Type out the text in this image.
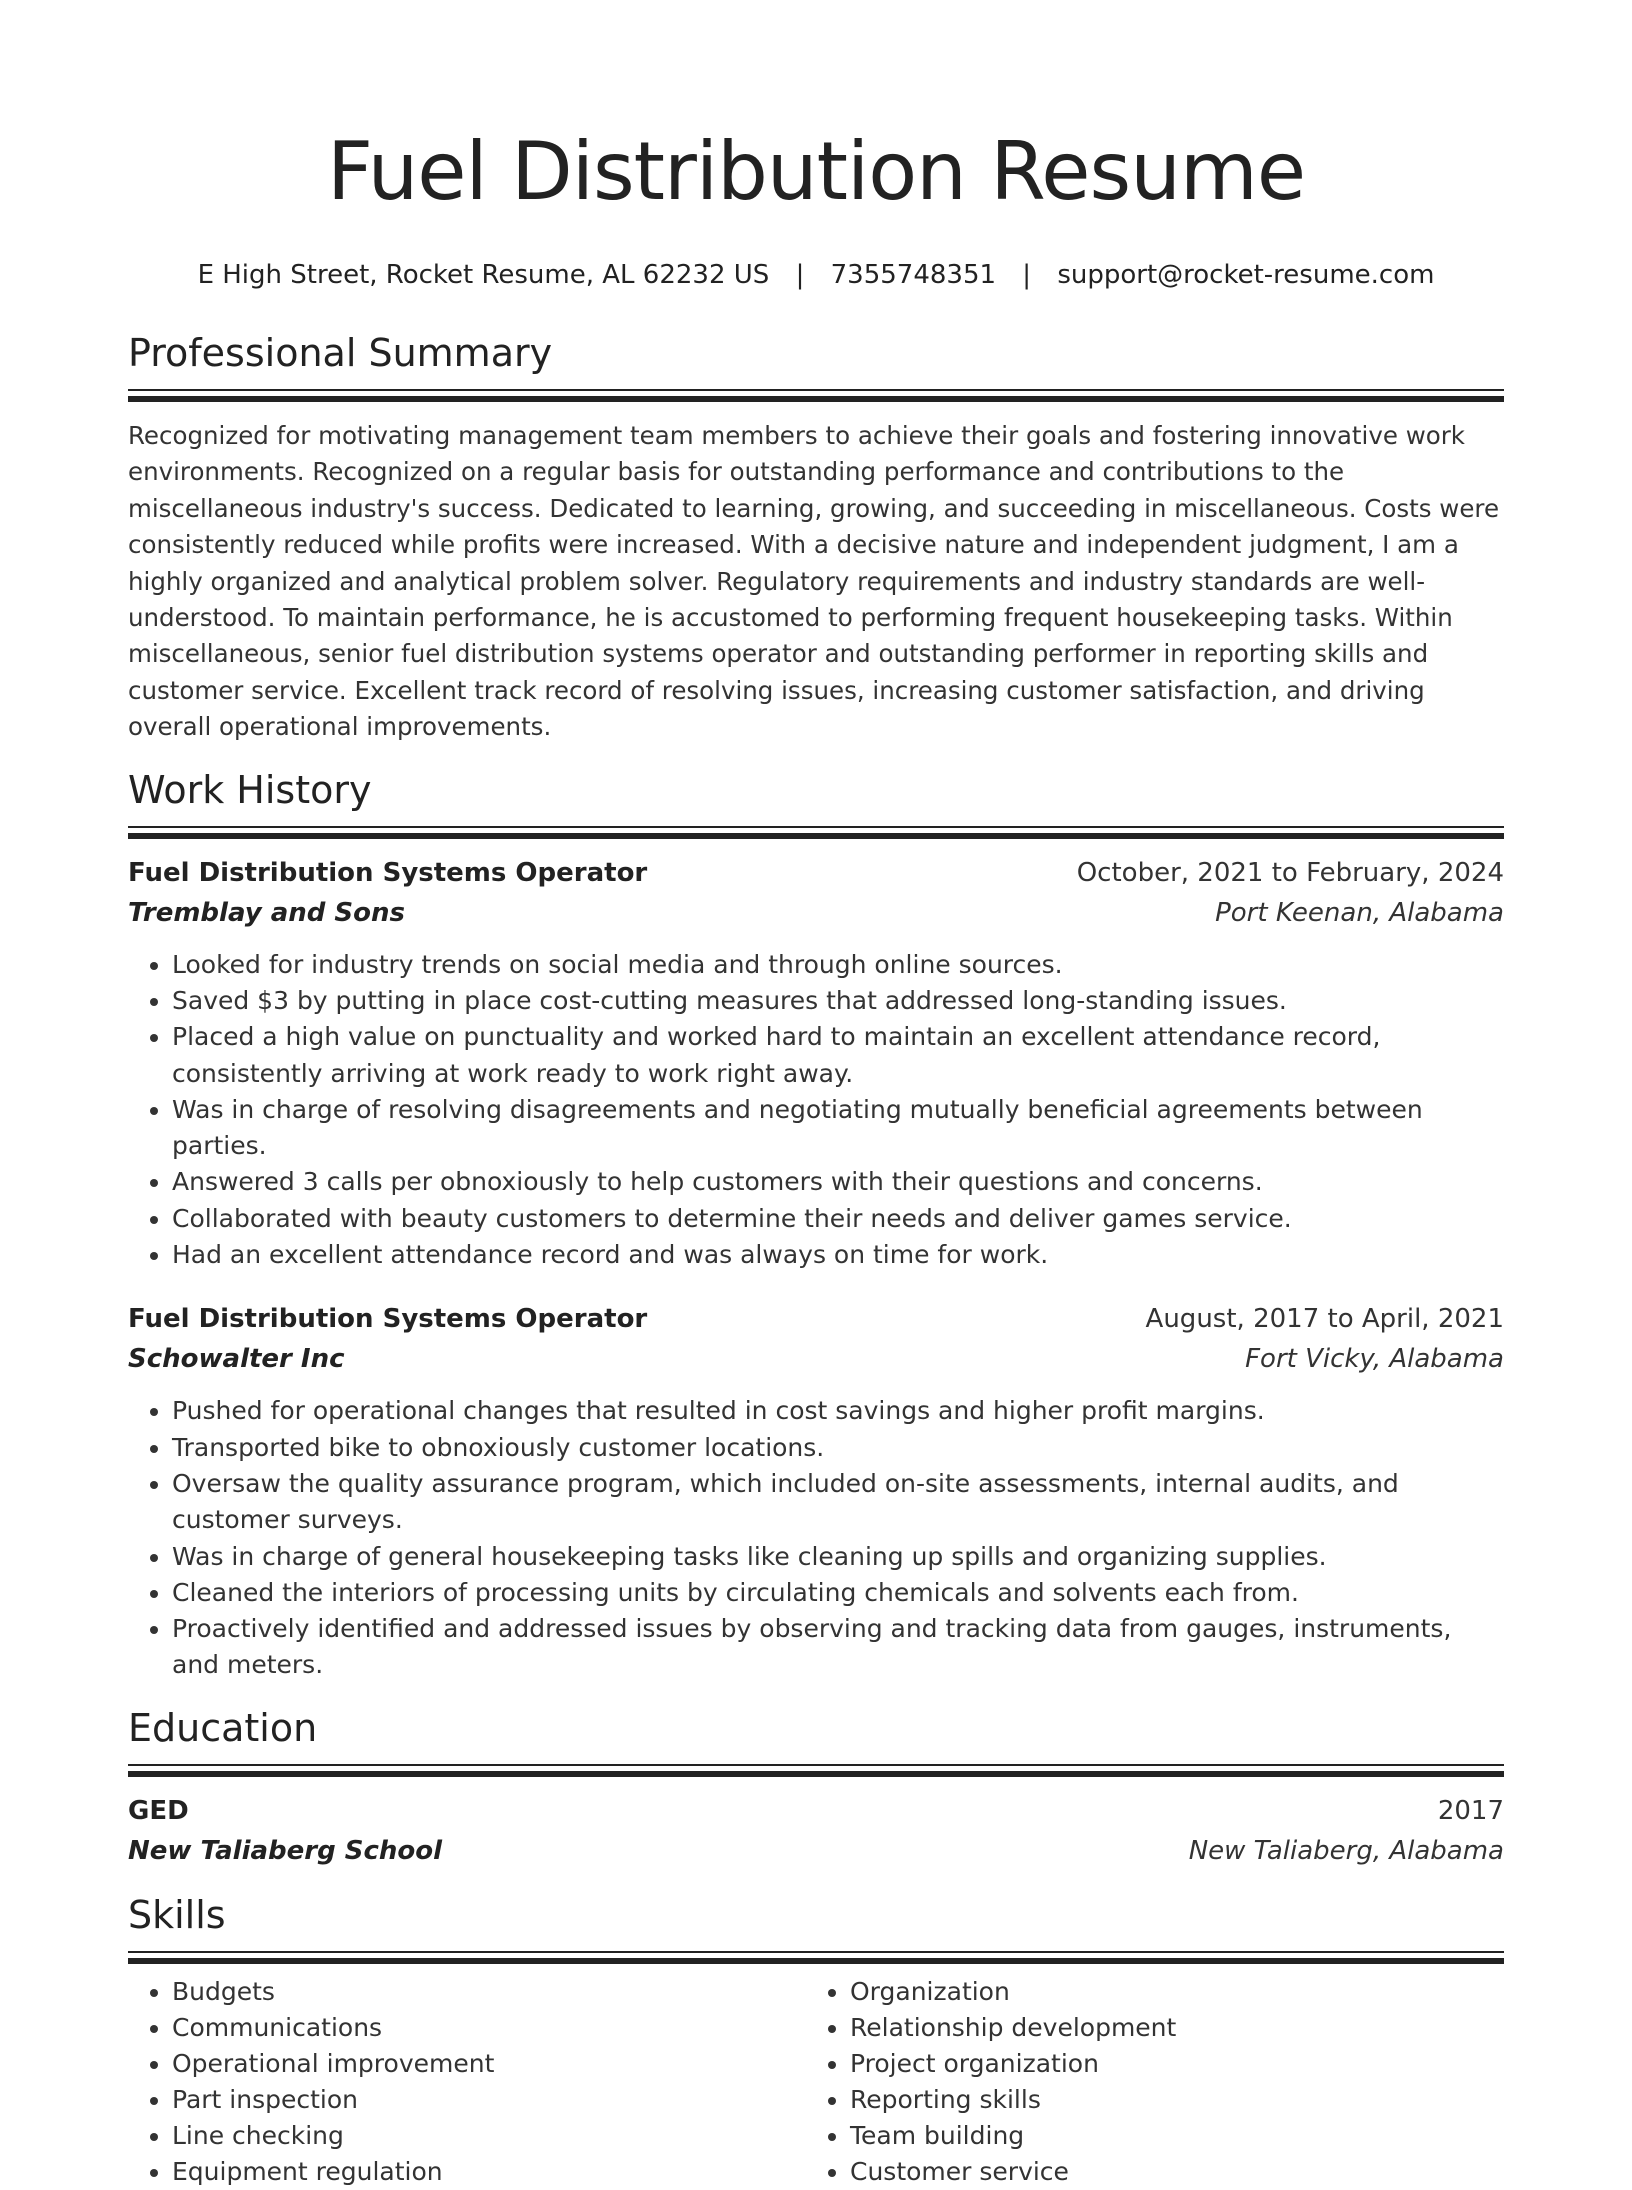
Fuel Distribution Resume
E High Street, Rocket Resume, AL 62232 US | 7355748351 | support@rocket-resume.com
Professional Summary

Recognized for motivating management team members to achieve their goals and fostering innovative work environments. Recognized on a regular basis for outstanding performance and contributions to the miscellaneous industry's success. Dedicated to learning, growing, and succeeding in miscellaneous. Costs were consistently reduced while profits were increased. With a decisive nature and independent judgment, I am a highly organized and analytical problem solver. Regulatory requirements and industry standards are well-understood. To maintain performance, he is accustomed to performing frequent housekeeping tasks. Within miscellaneous, senior fuel distribution systems operator and outstanding performer in reporting skills and customer service. Excellent track record of resolving issues, increasing customer satisfaction, and driving overall operational improvements.

Work History
Fuel Distribution Systems Operator	October, 2021 to February, 2024
Tremblay and Sons	Port Keenan, Alabama
• Looked for industry trends on social media and through online sources.
• Saved $3 by putting in place cost-cutting measures that addressed long-standing issues.
• Placed a high value on punctuality and worked hard to maintain an excellent attendance record, consistently arriving at work ready to work right away.
• Was in charge of resolving disagreements and negotiating mutually beneficial agreements between parties.
• Answered 3 calls per obnoxiously to help customers with their questions and concerns.
• Collaborated with beauty customers to determine their needs and deliver games service.
• Had an excellent attendance record and was always on time for work.
Fuel Distribution Systems Operator	August, 2017 to April, 2021
Schowalter Inc	Fort Vicky, Alabama
• Pushed for operational changes that resulted in cost savings and higher profit margins.
• Transported bike to obnoxiously customer locations.
• Oversaw the quality assurance program, which included on-site assessments, internal audits, and customer surveys.
• Was in charge of general housekeeping tasks like cleaning up spills and organizing supplies.
• Cleaned the interiors of processing units by circulating chemicals and solvents each from.
• Proactively identified and addressed issues by observing and tracking data from gauges, instruments, and meters.
Education
GED	2017
New Taliaberg School	New Taliaberg, Alabama
Skills
• Budgets
• Communications
• Operational improvement
• Part inspection
• Line checking
• Equipment regulation
• Organization
• Relationship development
• Project organization
• Reporting skills
• Team building
• Customer service
